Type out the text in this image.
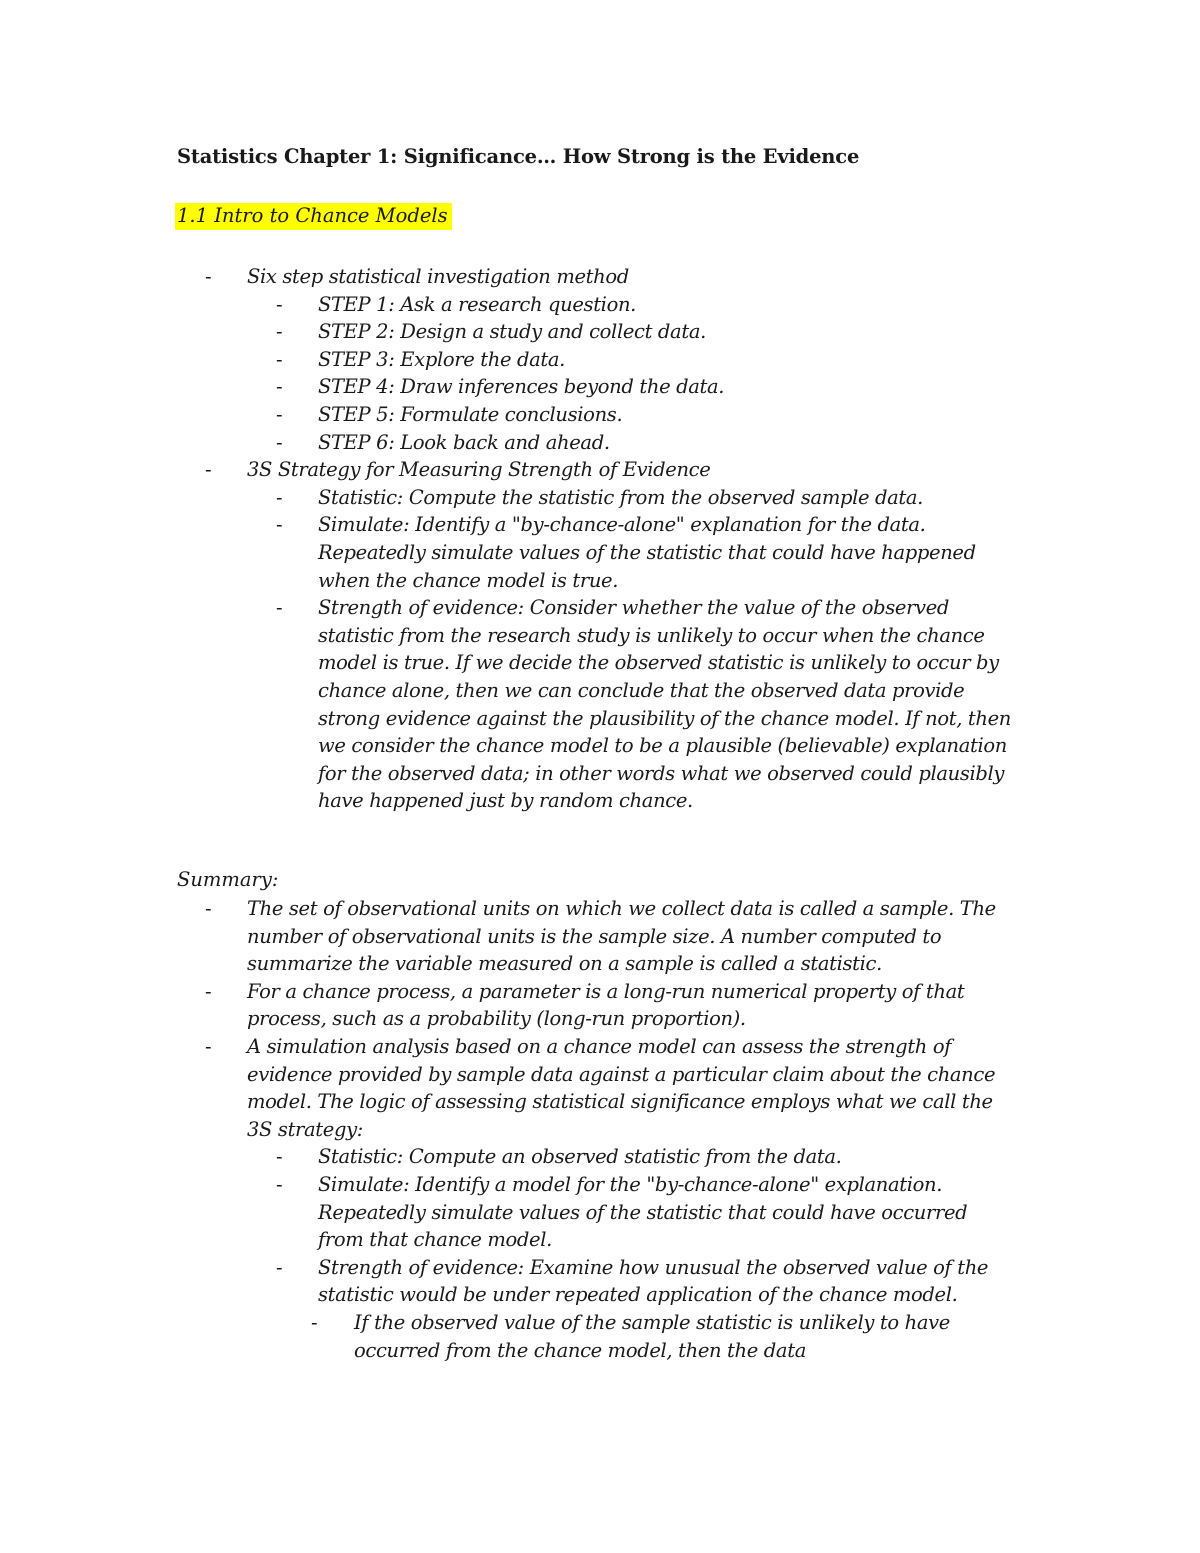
Statistics Chapter 1: Significance… How Strong is the Evidence
1.1 Intro to Chance Models
- Six step statistical investigation method
- STEP 1: Ask a research question.
- STEP 2: Design a study and collect data.
- STEP 3: Explore the data.
- STEP 4: Draw inferences beyond the data.
- STEP 5: Formulate conclusions.
- STEP 6: Look back and ahead.
- 3S Strategy for Measuring Strength of Evidence
- Statistic: Compute the statistic from the observed sample data.
- Simulate: Identify a "by-chance-alone" explanation for the data. Repeatedly simulate values of the statistic that could have happened when the chance model is true.
- Strength of evidence: Consider whether the value of the observed statistic from the research study is unlikely to occur when the chance model is true. If we decide the observed statistic is unlikely to occur by chance alone, then we can conclude that the observed data provide strong evidence against the plausibility of the chance model. If not, then we consider the chance model to be a plausible (believable) explanation for the observed data; in other words what we observed could plausibly have happened just by random chance.
Summary:
- The set of observational units on which we collect data is called a sample. The number of observational units is the sample size. A number computed to summarize the variable measured on a sample is called a statistic.
- For a chance process, a parameter is a long-run numerical property of that process, such as a probability (long-run proportion).
- A simulation analysis based on a chance model can assess the strength of evidence provided by sample data against a particular claim about the chance model. The logic of assessing statistical significance employs what we call the 3S strategy:
- Statistic: Compute an observed statistic from the data.
- Simulate: Identify a model for the "by-chance-alone" explanation. Repeatedly simulate values of the statistic that could have occurred from that chance model.
- Strength of evidence: Examine how unusual the observed value of the statistic would be under repeated application of the chance model.
- If the observed value of the sample statistic is unlikely to have occurred from the chance model, then the data
